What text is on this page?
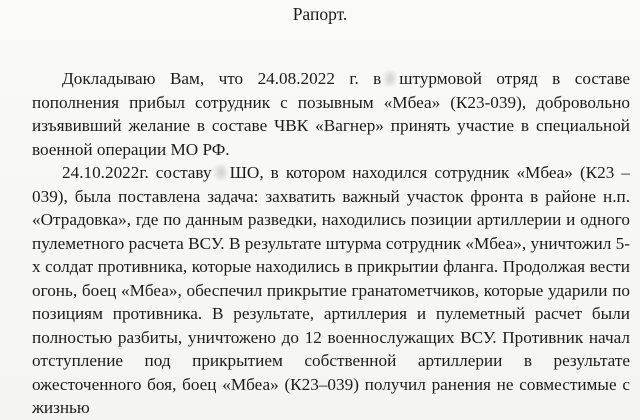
Рапорт.

Докладываю Вам, что 24.08.2022 г. в штурмовой отряд в составе пополнения прибыл сотрудник с позывным «Мбеа» (К23-039), добровольно изъявивший желание в составе ЧВК «Вагнер» принять участие в специальной военной операции МО РФ.

24.10.2022г. составу ШО, в котором находился сотрудник «Мбеа» (К23 –039), была поставлена задача: захватить важный участок фронта в районе н.п. «Отрадовка», где по данным разведки, находились позиции артиллерии и одного пулеметного расчета ВСУ. В результате штурма сотрудник «Мбеа», уничтожил 5-х солдат противника, которые находились в прикрытии фланга. Продолжая вести огонь, боец «Мбеа», обеспечил прикрытие гранатометчиков, которые ударили по позициям противника. В результате, артиллерия и пулеметный расчет были полностью разбиты, уничтожено до 12 военнослужащих ВСУ. Противник начал отступление под прикрытием собственной артиллерии в результате ожесточенного боя, боец «Мбеа» (К23–039) получил ранения не совместимые с жизнью
